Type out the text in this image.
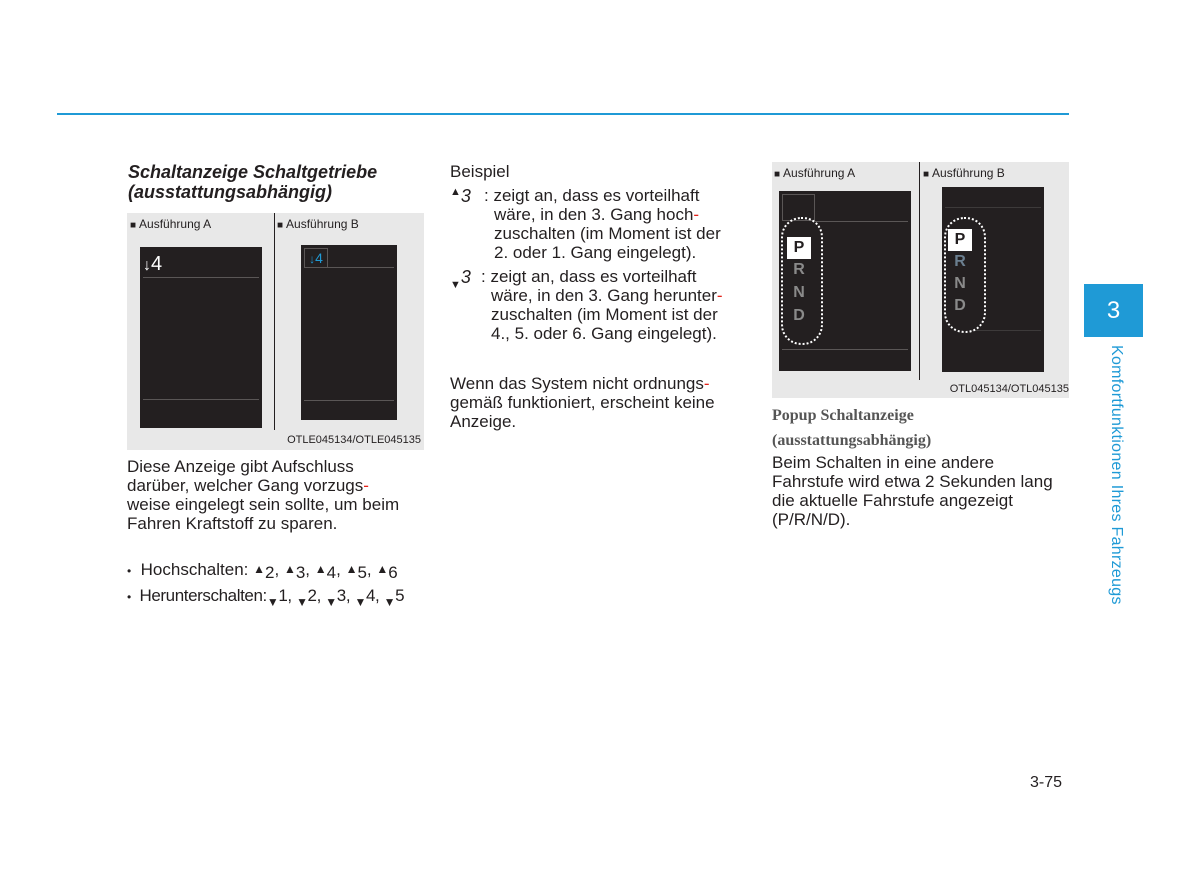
Schaltanzeige Schaltgetriebe
(ausstattungsabhängig)
■ Ausführung A	■ Ausführung B
↓4	↓4
OTLE045134/OTLE045135
Diese Anzeige gibt Aufschluss
darüber, welcher Gang vorzugs-
weise eingelegt sein sollte, um beim
Fahren Kraftstoff zu sparen.
• Hochschalten: ▲2, ▲3, ▲4, ▲5, ▲6
• Herunterschalten:▼1, ▼2, ▼3, ▼4, ▼5
Beispiel
▲3 : zeigt an, dass es vorteilhaft
wäre, in den 3. Gang hoch-
zuschalten (im Moment ist der
2. oder 1. Gang eingelegt).
▼3 : zeigt an, dass es vorteilhaft
wäre, in den 3. Gang herunter-
zuschalten (im Moment ist der
4., 5. oder 6. Gang eingelegt).
Wenn das System nicht ordnungs-
gemäß funktioniert, erscheint keine
Anzeige.
■ Ausführung A	■ Ausführung B
P
R
N
D
P
R
N
D
OTL045134/OTL045135
Popup Schaltanzeige
(ausstattungsabhängig)
Beim Schalten in eine andere
Fahrstufe wird etwa 2 Sekunden lang
die aktuelle Fahrstufe angezeigt
(P/R/N/D).
3
Komfortfunktionen Ihres Fahrzeugs
3-75
